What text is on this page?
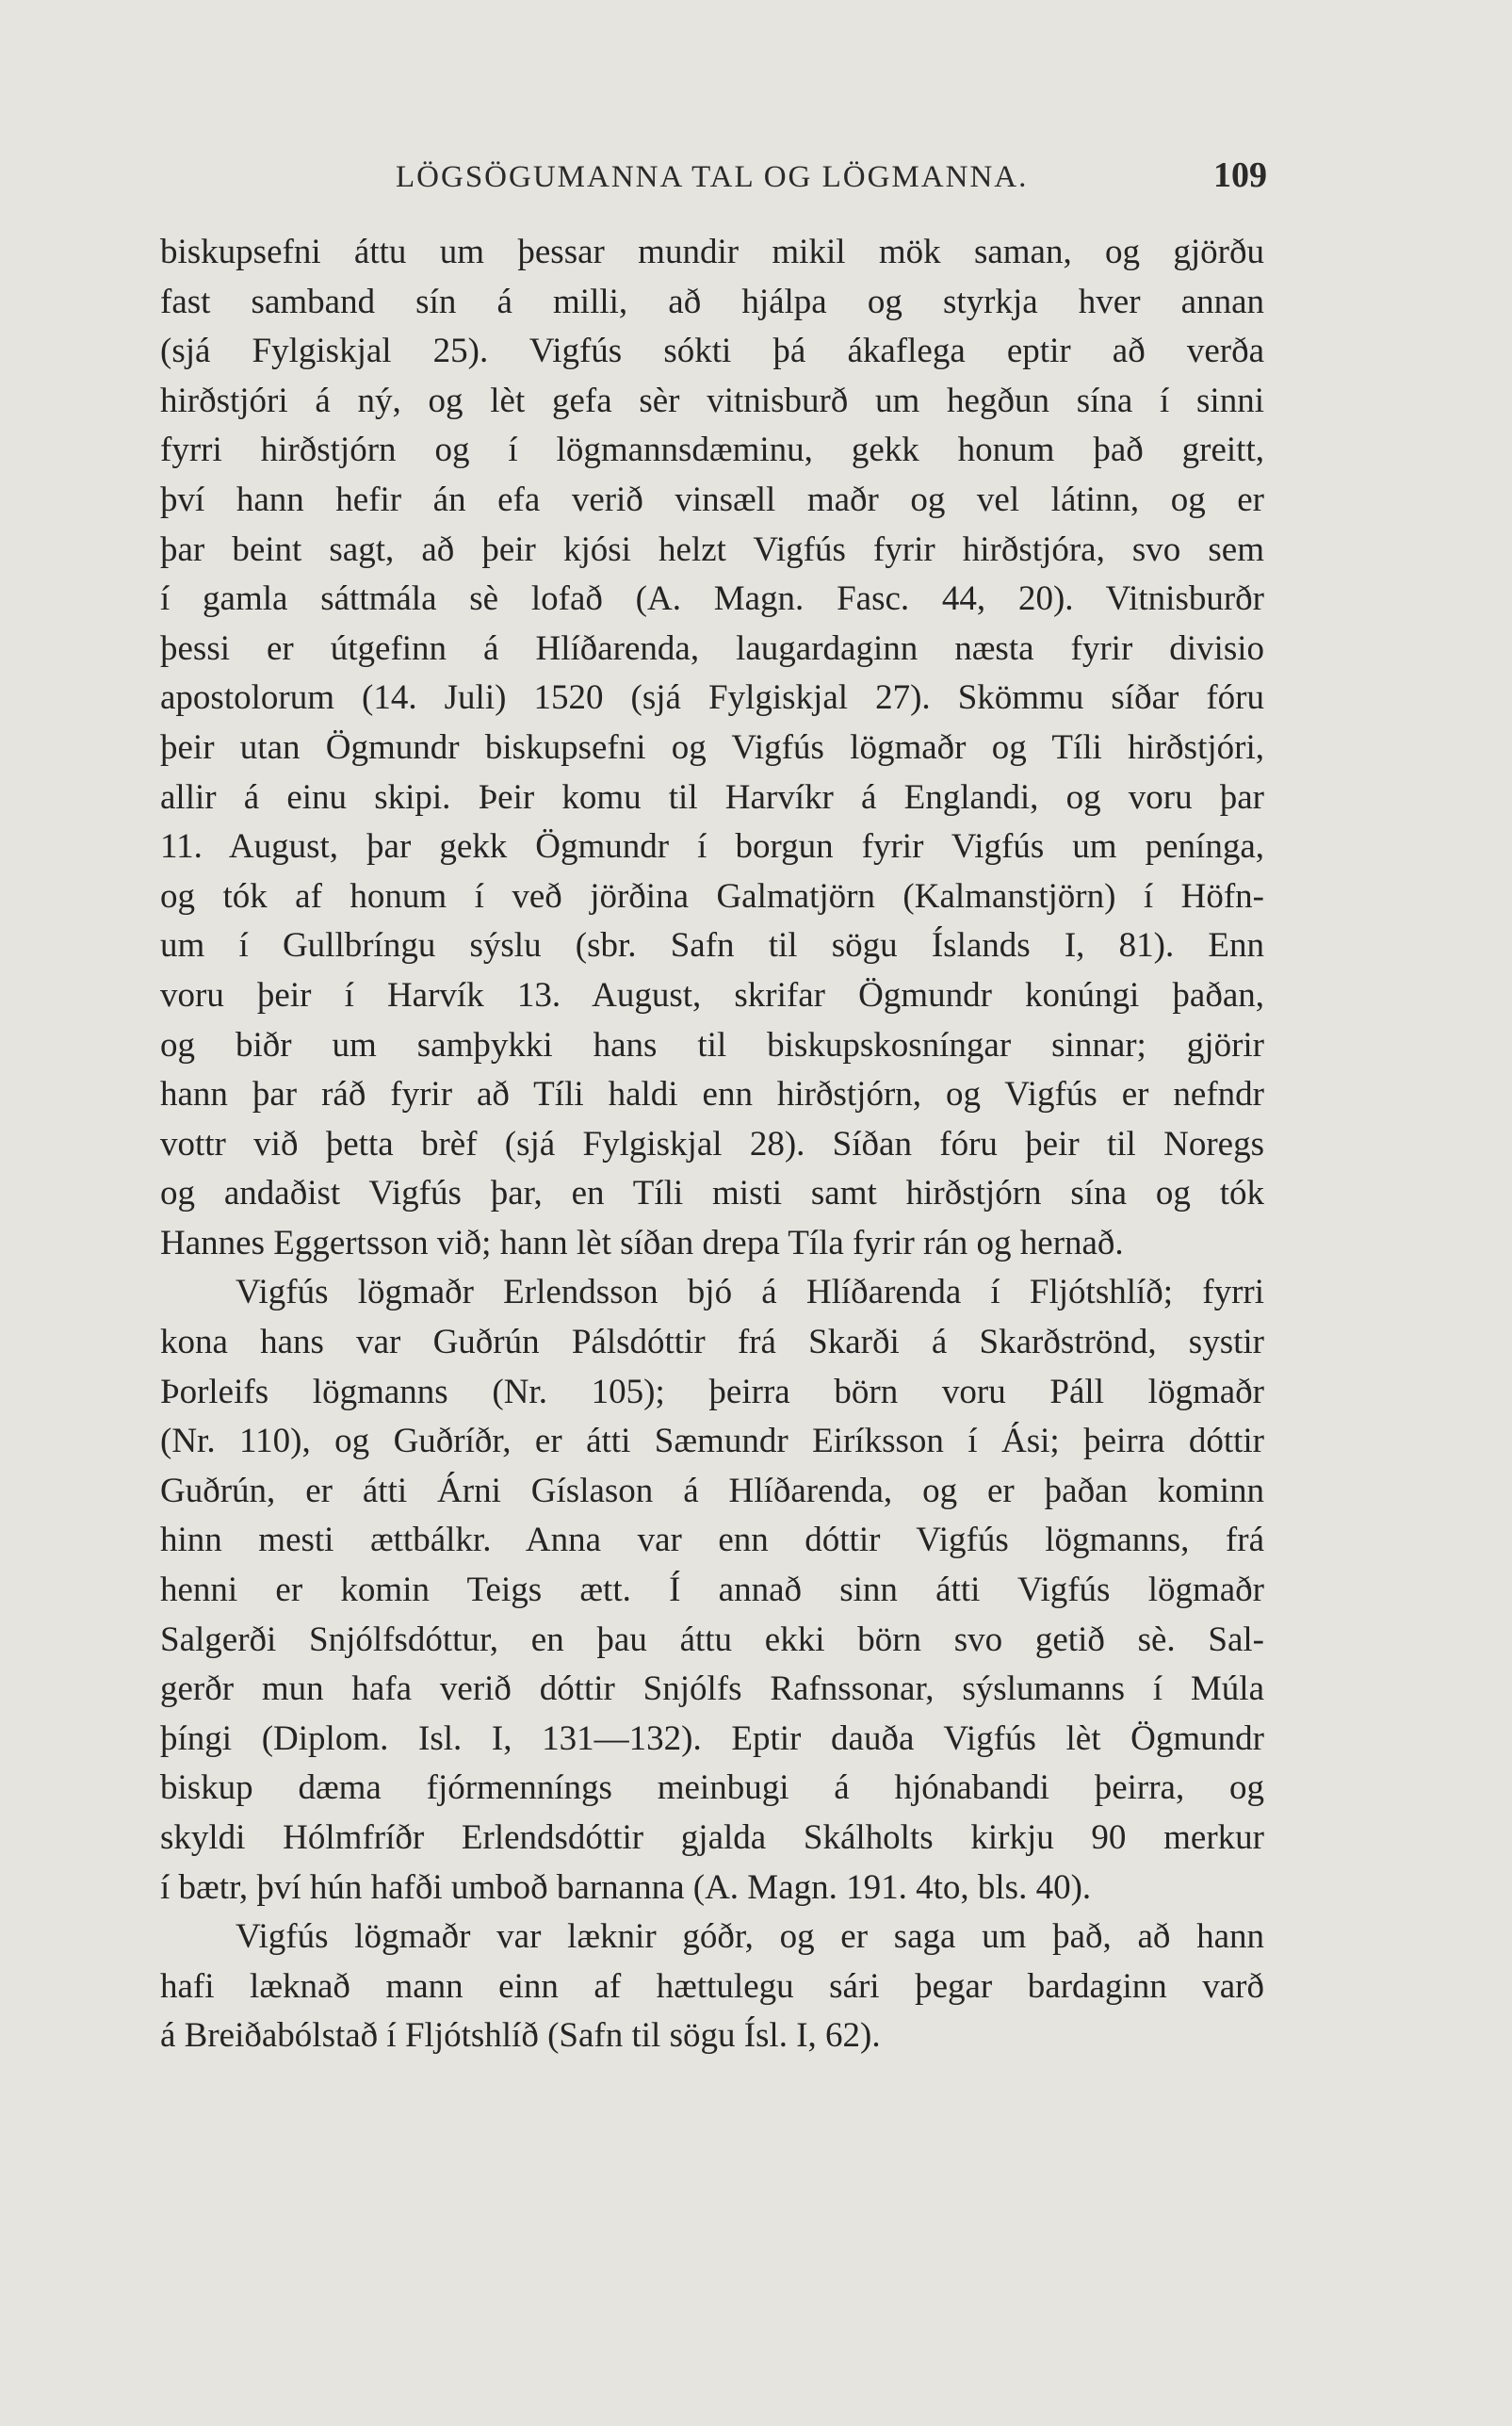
LÖGSÖGUMANNA TAL OG LÖGMANNA.	109
biskupsefni áttu um þessar mundir mikil mök saman, og gjörðu
fast samband sín á milli, að hjálpa og styrkja hver annan
(sjá Fylgiskjal 25). Vigfús sókti þá ákaflega eptir að verða
hirðstjóri á ný, og lèt gefa sèr vitnisburð um hegðun sína í sinni
fyrri hirðstjórn og í lögmannsdæminu, gekk honum það greitt,
því hann hefir án efa verið vinsæll maðr og vel látinn, og er
þar beint sagt, að þeir kjósi helzt Vigfús fyrir hirðstjóra, svo sem
í gamla sáttmála sè lofað (A. Magn. Fasc. 44, 20). Vitnisburðr
þessi er útgefinn á Hlíðarenda, laugardaginn næsta fyrir divisio
apostolorum (14. Juli) 1520 (sjá Fylgiskjal 27). Skömmu síðar fóru
þeir utan Ögmundr biskupsefni og Vigfús lögmaðr og Tíli hirðstjóri,
allir á einu skipi. Þeir komu til Harvíkr á Englandi, og voru þar
11. August, þar gekk Ögmundr í borgun fyrir Vigfús um penínga,
og tók af honum í veð jörðina Galmatjörn (Kalmanstjörn) í Höfn-
um í Gullbríngu sýslu (sbr. Safn til sögu Íslands I, 81). Enn
voru þeir í Harvík 13. August, skrifar Ögmundr konúngi þaðan,
og biðr um samþykki hans til biskupskosníngar sinnar; gjörir
hann þar ráð fyrir að Tíli haldi enn hirðstjórn, og Vigfús er nefndr
vottr við þetta brèf (sjá Fylgiskjal 28). Síðan fóru þeir til Noregs
og andaðist Vigfús þar, en Tíli misti samt hirðstjórn sína og tók
Hannes Eggertsson við; hann lèt síðan drepa Tíla fyrir rán og hernað.
Vigfús lögmaðr Erlendsson bjó á Hlíðarenda í Fljótshlíð; fyrri
kona hans var Guðrún Pálsdóttir frá Skarði á Skarðströnd, systir
Þorleifs lögmanns (Nr. 105); þeirra börn voru Páll lögmaðr
(Nr. 110), og Guðríðr, er átti Sæmundr Eiríksson í Ási; þeirra dóttir
Guðrún, er átti Árni Gíslason á Hlíðarenda, og er þaðan kominn
hinn mesti ættbálkr. Anna var enn dóttir Vigfús lögmanns, frá
henni er komin Teigs ætt. Í annað sinn átti Vigfús lögmaðr
Salgerði Snjólfsdóttur, en þau áttu ekki börn svo getið sè. Sal-
gerðr mun hafa verið dóttir Snjólfs Rafnssonar, sýslumanns í Múla
þíngi (Diplom. Isl. I, 131—132). Eptir dauða Vigfús lèt Ögmundr
biskup dæma fjórmenníngs meinbugi á hjónabandi þeirra, og
skyldi Hólmfríðr Erlendsdóttir gjalda Skálholts kirkju 90 merkur
í bætr, því hún hafði umboð barnanna (A. Magn. 191. 4to, bls. 40).
Vigfús lögmaðr var læknir góðr, og er saga um það, að hann
hafi læknað mann einn af hættulegu sári þegar bardaginn varð
á Breiðabólstað í Fljótshlíð (Safn til sögu Ísl. I, 62).
